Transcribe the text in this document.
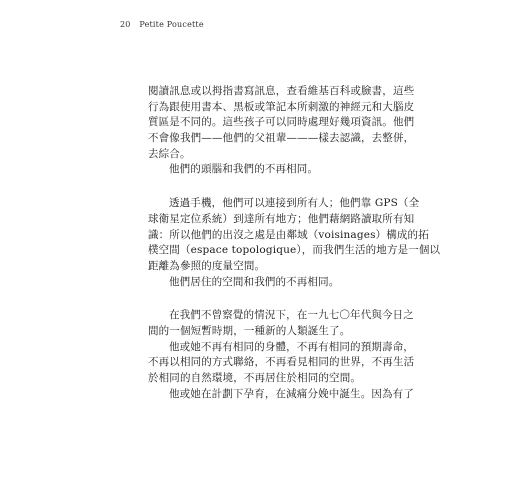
20 Petite Poucette
閱讀訊息或以拇指書寫訊息，查看維基百科或臉書，這些
行為跟使用書本、黑板或筆記本所刺激的神經元和大腦皮
質區是不同的。這些孩子可以同時處理好幾項資訊。他們
不會像我們——他們的父祖輩———樣去認識，去整併，
去綜合。
他們的頭腦和我們的不再相同。
透過手機，他們可以連接到所有人；他們靠 GPS（全
球衛星定位系統）到達所有地方；他們藉網路讀取所有知
識：所以他們的出沒之處是由鄰域（voisinages）構成的拓
樸空間（espace topologique），而我們生活的地方是一個以
距離為參照的度量空間。
他們居住的空間和我們的不再相同。
在我們不曾察覺的情況下，在一九七〇年代與今日之
間的一個短暫時期，一種新的人類誕生了。
他或她不再有相同的身體，不再有相同的預期壽命，
不再以相同的方式聯絡，不再看見相同的世界，不再生活
於相同的自然環境，不再居住於相同的空間。
他或她在計劃下孕育，在減痛分娩中誕生。因為有了
